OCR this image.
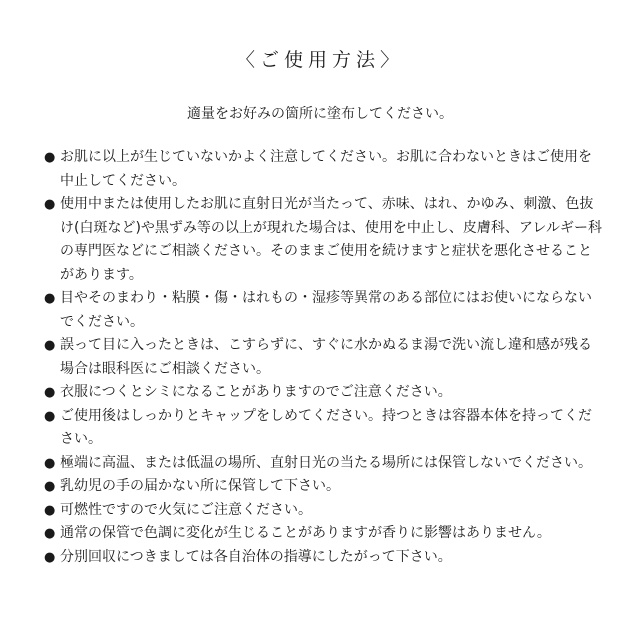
〈ご使用方法〉
適量をお好みの箇所に塗布してください。
● お肌に以上が生じていないかよく注意してください。お肌に合わないときはご使用を中止してください。
● 使用中または使用したお肌に直射日光が当たって、赤味、はれ、かゆみ、刺激、色抜け(白斑など)や黒ずみ等の以上が現れた場合は、使用を中止し、皮膚科、アレルギー科の専門医などにご相談ください。そのままご使用を続けますと症状を悪化させることがあります。
● 目やそのまわり・粘膜・傷・はれもの・湿疹等異常のある部位にはお使いにならないでください。
● 誤って目に入ったときは、こすらずに、すぐに水かぬるま湯で洗い流し違和感が残る場合は眼科医にご相談ください。
● 衣服につくとシミになることがありますのでご注意ください。
● ご使用後はしっかりとキャップをしめてください。持つときは容器本体を持ってください。
● 極端に高温、または低温の場所、直射日光の当たる場所には保管しないでください。
● 乳幼児の手の届かない所に保管して下さい。
● 可燃性ですので火気にご注意ください。
● 通常の保管で色調に変化が生じることがありますが香りに影響はありません。
● 分別回収につきましては各自治体の指導にしたがって下さい。
